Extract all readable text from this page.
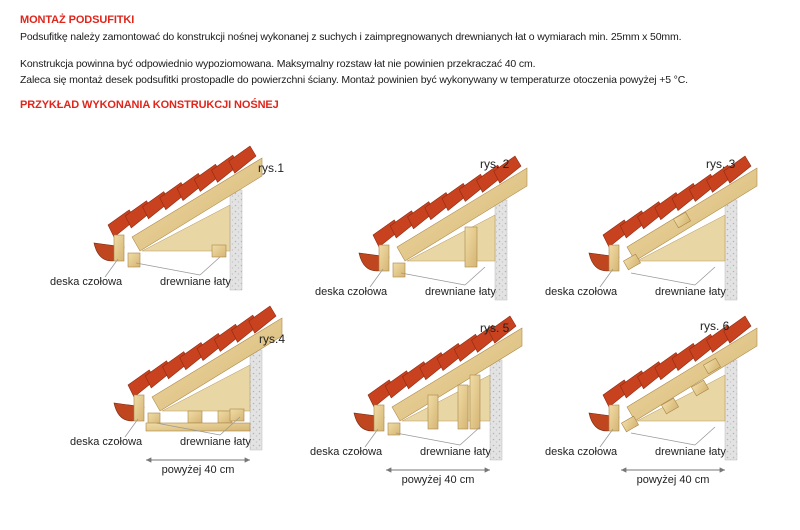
MONTAŻ PODSUFITKI
Podsufitkę należy zamontować do konstrukcji nośnej wykonanej z suchych i zaimpregnowanych drewnianych łat o wymiarach min. 25mm x 50mm.
Konstrukcja powinna być odpowiednio wypoziomowana. Maksymalny rozstaw łat nie powinien przekraczać 40 cm.
Zaleca się montaż desek podsufitki prostopadle do powierzchni ściany. Montaż powinien być wykonywany w temperaturze otoczenia powyżej +5 °C.
PRZYKŁAD WYKONANIA KONSTRUKCJI NOŚNEJ
deska czołowa	drewniane łaty
rys.1
deska czołowa	drewniane łaty
rys. 2
deska czołowa	drewniane łaty
rys. 3
deska czołowa	drewniane łaty
powyżej 40 cm
rys.4
deska czołowa	drewniane łaty
powyżej 40 cm
rys. 5
deska czołowa	drewniane łaty
powyżej 40 cm
rys. 6
